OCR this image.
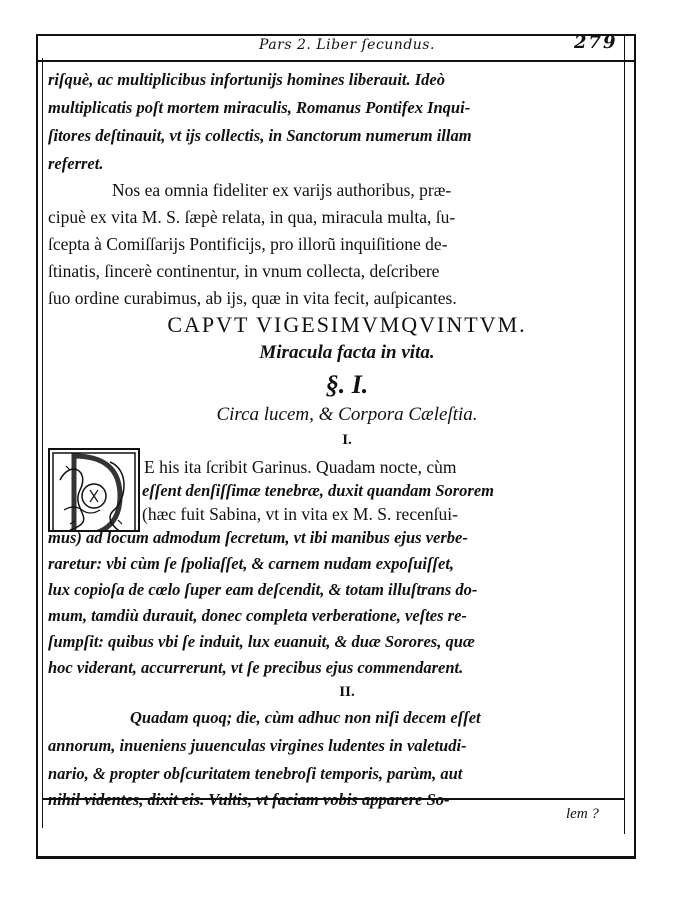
Pars 2. Liber ſecundus.	279
riſquè, ac multiplicibus infortunijs homines liberauit. Ideò
multiplicatis poſt mortem miraculis, Romanus Pontifex Inqui-
ſitores deſtinauit, vt ijs collectis, in Sanctorum numerum illam
referret.
Nos ea omnia fideliter ex varijs authoribus, præ-
cipuè ex vita M. S. ſæpè relata, in qua, miracula multa, ſu-
ſcepta à Comiſſarijs Pontificijs, pro illorũ inquiſitione de-
ſtinatis, ſincerè continentur, in vnum collecta, deſcribere
ſuo ordine curabimus, ab ijs, quæ in vita fecit, auſpicantes.
CAPVT VIGESIMVMQVINTVM.
Miracula facta in vita.
§. I.
Circa lucem, & Corpora Cæleſtia.
I.
E his ita ſcribit Garinus. Quadam nocte, cùm
eſſent denſiſſimæ tenebræ, duxit quandam Sororem
(hæc fuit Sabina, vt in vita ex M. S. recenſui-
mus) ad locum admodum ſecretum, vt ibi manibus ejus verbe-
raretur: vbi cùm ſe ſpoliaſſet, & carnem nudam expoſuiſſet,
lux copioſa de cœlo ſuper eam deſcendit, & totam illuſtrans do-
mum, tamdiù durauit, donec completa verberatione, veſtes re-
ſumpſit: quibus vbi ſe induit, lux euanuit, & duæ Sorores, quæ
hoc viderant, accurrerunt, vt ſe precibus ejus commendarent.
II.
Quadam quoq; die, cùm adhuc non niſi decem eſſet
annorum, inueniens juuenculas virgines ludentes in valetudi-
nario, & propter obſcuritatem tenebroſi temporis, parùm, aut
nihil videntes, dixit eis. Vultis, vt faciam vobis apparere So-
lem ?
